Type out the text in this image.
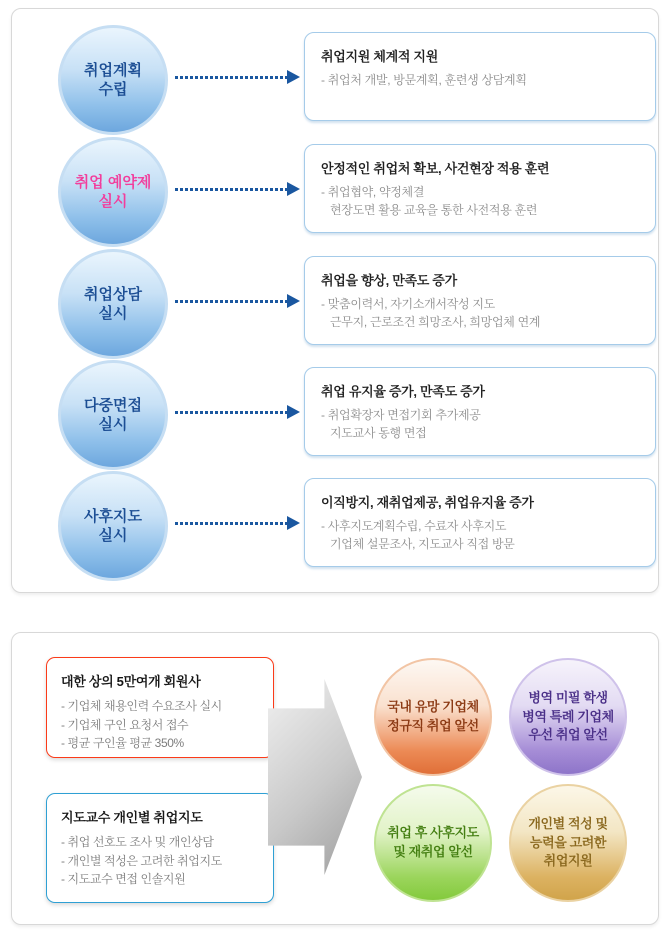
취업계획
수립
취업지원 체계적 지원
- 취업처 개발, 방문계획, 훈련생 상담계획
취업 예약제
실시
안정적인 취업처 확보, 사건현장 적용 훈련
- 취업협약, 약정체결
현장도면 활용 교육을 통한 사전적용 훈련
취업상담
실시
취업을 향상, 만족도 증가
- 맞춤이력서, 자기소개서작성 지도
근무지, 근로조건 희망조사, 희망업체 연계
다중면접
실시
취업 유지율 증가, 만족도 증가
- 취업확장자 면접기회 추가제공
지도교사 동행 면접
사후지도
실시
이직방지, 재취업제공, 취업유지율 증가
- 사후지도계획수립, 수료자 사후지도
기업체 설문조사, 지도교사 직접 방문
대한 상의 5만여개 회원사
- 기업체 채용인력 수요조사 실시
- 기업체 구인 요청서 접수
- 평균 구인율 평균 350%
지도교수 개인별 취업지도
- 취업 선호도 조사 및 개인상담
- 개인별 적성은 고려한 취업지도
- 지도교수 면접 인솔지원
국내 유망 기업체
정규직 취업 알선
병역 미필 학생
병역 특례 기업체
우선 취업 알선
취업 후 사후지도
및 재취업 알선
개인별 적성 및
능력을 고려한
취업지원
